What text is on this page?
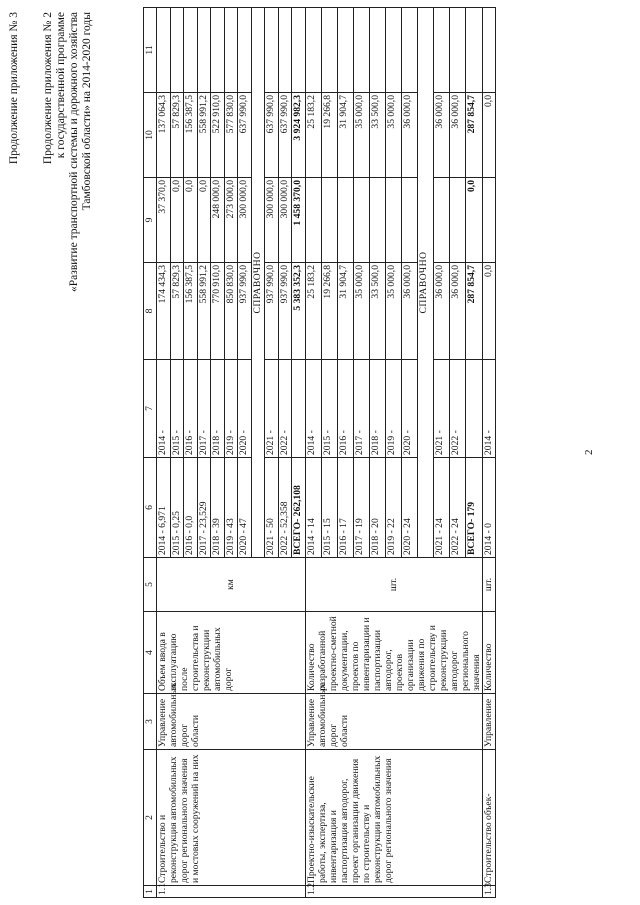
Продолжение приложения № 3 Продолжение приложения № 2 к государственной программе «Развитие транспортной системы и дорожного хозяйства Тамбовской области» на 2014-2020 годы
2
1	2	3	4	5	6	7	8	9	10	11	
1.1	Строительство и реконструкция автомобильных дорог регионального значения и мостовых сооружений на них	Управление автомобильных дорог области	Объем ввода в эксплуатацию после строительства и реконструкции автомобильных дорог	км	2014 - 6,971	2014 -	174 434,3	37 370,0	137 064,3		
					2015 - 0,25	2015 -	57 829,3	0,0	57 829,3		
					2016 - 0,0	2016 -	156 387,5	0,0	156 387,5		
					2017 - 23,529	2017 -	558 991,2	0,0	558 991,2		
					2018 - 39	2018 -	770 910,0	248 000,0	522 910,0		
					2019 - 43	2019 -	850 830,0	273 000,0	577 830,0		
					2020 - 47	2020 -	937 990,0	300 000,0	637 990,0		
					СПРАВОЧНО						
					2021 - 50	2021 -	937 990,0	300 000,0	637 990,0		
					2022 - 52,358	2022 -	937 990,0	300 000,0	637 990,0		
					ВСЕГО- 262,108		5 383 352,3	1 458 370,0	3 924 982,3		
1.2	Проектно-изыскательские работы, экспертиза, инвентаризация и паспортизация автодорог, проект организации движения по строительству и реконструкции автомобильных дорог регионального значения	Управление автомобильных дорог области	Количество разработанной проектно-сметной документации, проектов по инвентаризации и паспортизации автодорог, проектов организации движения по строительству и реконструкции автодорог регионального значения	шт.	2014 - 14	2014 -	25 183,2		25 183,2		
					2015 - 15	2015 -	19 266,8		19 266,8		
					2016 - 17	2016 -	31 904,7		31 904,7		
					2017 - 19	2017 -	35 000,0		35 000,0		
					2018 - 20	2018 -	33 500,0		33 500,0		
					2019 - 22	2019 -	35 000,0		35 000,0		
					2020 - 24	2020 -	36 000,0		36 000,0		
					СПРАВОЧНО						
					2021 - 24	2021 -	36 000,0		36 000,0		
					2022 - 24	2022 -	36 000,0		36 000,0		
					ВСЕГО- 179		287 854,7	0,0	287 854,7		
1.3	Строительство объек-	Управление	Количество	шт.	2014 - 0	2014 -	0,0		0,0		
